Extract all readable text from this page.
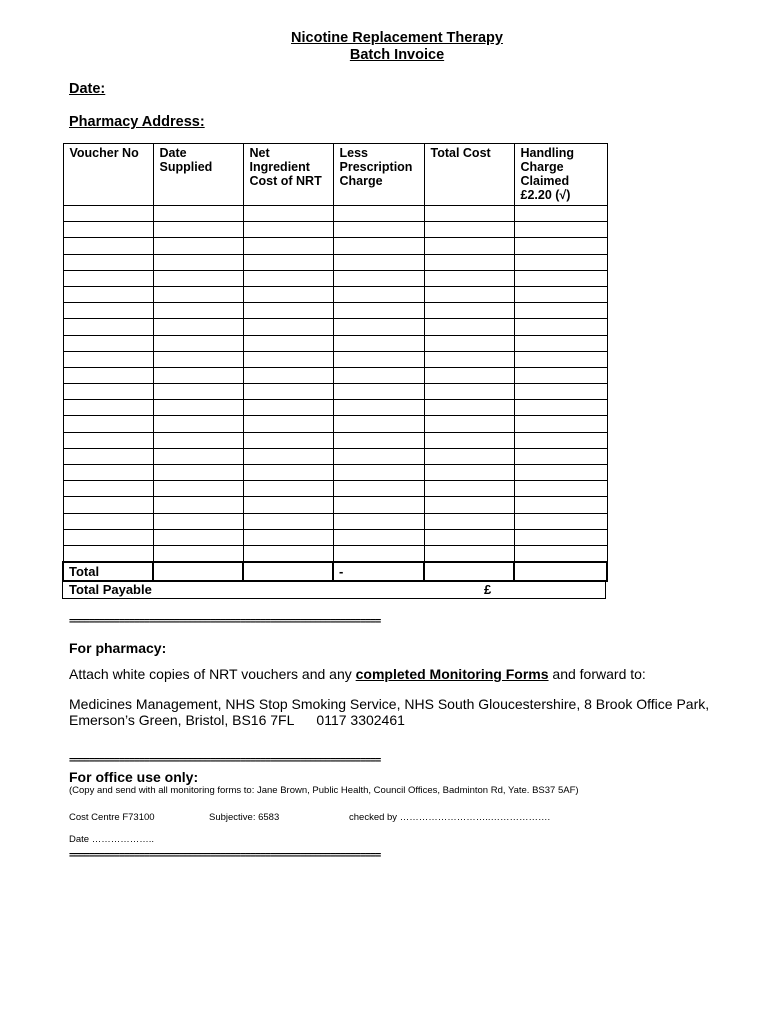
Nicotine Replacement Therapy
Batch Invoice
Date:
Pharmacy Address:
Voucher No	Date Supplied	Net Ingredient Cost of NRT	Less Prescription Charge	Total Cost	Handling Charge Claimed £2.20 (√)

Total			-		
Total Payable	£
==============================================================
For pharmacy:
Attach white copies of NRT vouchers and any completed Monitoring Forms and forward to:
Medicines Management, NHS Stop Smoking Service, NHS South Gloucestershire, 8 Brook Office Park,
Emerson’s Green, Bristol, BS16 7FL 0117 3302461
==============================================================
For office use only:
(Copy and send with all monitoring forms to: Jane Brown, Public Health, Council Offices, Badminton Rd, Yate. BS37 5AF)
Cost Centre F73100	Subjective: 6583	checked by ………………………..……………….
Date ………………..
==============================================================
